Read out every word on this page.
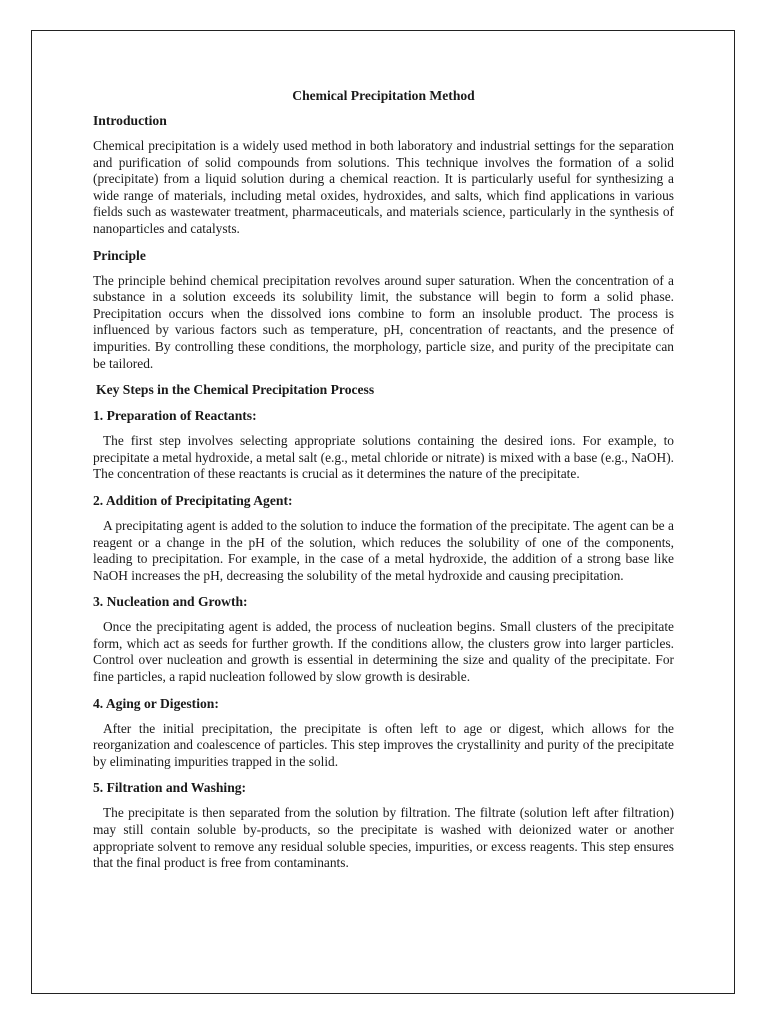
Chemical Precipitation Method
Introduction

Chemical precipitation is a widely used method in both laboratory and industrial settings for the separation and purification of solid compounds from solutions. This technique involves the formation of a solid (precipitate) from a liquid solution during a chemical reaction. It is particularly useful for synthesizing a wide range of materials, including metal oxides, hydroxides, and salts, which find applications in various fields such as wastewater treatment, pharmaceuticals, and materials science, particularly in the synthesis of nanoparticles and catalysts.

Principle

The principle behind chemical precipitation revolves around super saturation. When the concentration of a substance in a solution exceeds its solubility limit, the substance will begin to form a solid phase. Precipitation occurs when the dissolved ions combine to form an insoluble product. The process is influenced by various factors such as temperature, pH, concentration of reactants, and the presence of impurities. By controlling these conditions, the morphology, particle size, and purity of the precipitate can be tailored.

Key Steps in the Chemical Precipitation Process
1. Preparation of Reactants:

The first step involves selecting appropriate solutions containing the desired ions. For example, to precipitate a metal hydroxide, a metal salt (e.g., metal chloride or nitrate) is mixed with a base (e.g., NaOH). The concentration of these reactants is crucial as it determines the nature of the precipitate.

2. Addition of Precipitating Agent:

A precipitating agent is added to the solution to induce the formation of the precipitate. The agent can be a reagent or a change in the pH of the solution, which reduces the solubility of one of the components, leading to precipitation. For example, in the case of a metal hydroxide, the addition of a strong base like NaOH increases the pH, decreasing the solubility of the metal hydroxide and causing precipitation.

3. Nucleation and Growth:

Once the precipitating agent is added, the process of nucleation begins. Small clusters of the precipitate form, which act as seeds for further growth. If the conditions allow, the clusters grow into larger particles. Control over nucleation and growth is essential in determining the size and quality of the precipitate. For fine particles, a rapid nucleation followed by slow growth is desirable.

4. Aging or Digestion:

After the initial precipitation, the precipitate is often left to age or digest, which allows for the reorganization and coalescence of particles. This step improves the crystallinity and purity of the precipitate by eliminating impurities trapped in the solid.

5. Filtration and Washing:

The precipitate is then separated from the solution by filtration. The filtrate (solution left after filtration) may still contain soluble by-products, so the precipitate is washed with deionized water or another appropriate solvent to remove any residual soluble species, impurities, or excess reagents. This step ensures that the final product is free from contaminants.
